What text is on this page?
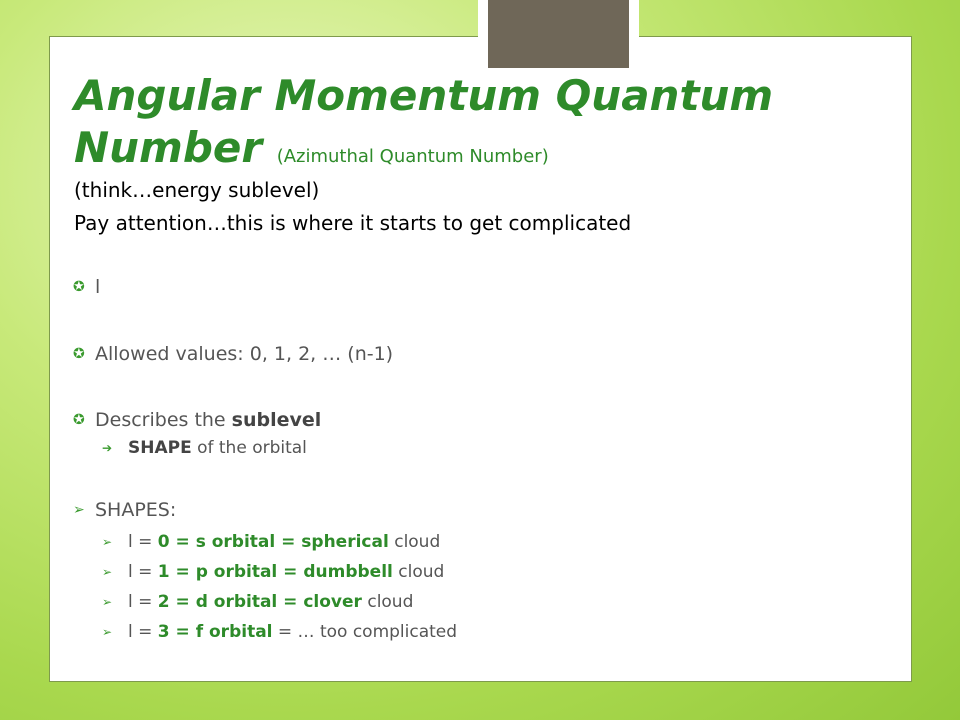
Angular Momentum Quantum
Number (Azimuthal Quantum Number)
(think…energy sublevel)
Pay attention…this is where it starts to get complicated
✪ l
✪ Allowed values: 0, 1, 2, … (n-1)
✪ Describes the sublevel
➔ SHAPE of the orbital
➢ SHAPES:
➢ l = 0 = s orbital = spherical cloud
➢ l = 1 = p orbital = dumbbell cloud
➢ l = 2 = d orbital = clover cloud
➢ l = 3 = f orbital = … too complicated
